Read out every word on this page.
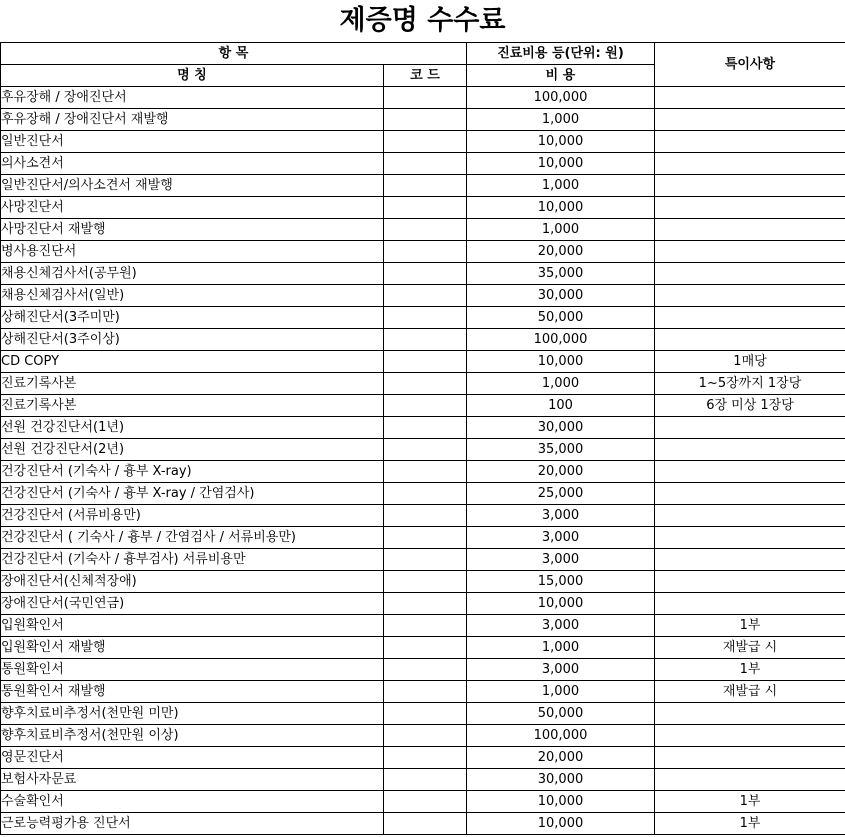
제증명 수수료
항 목		진료비용 등(단위: 원)	특이사항
명 칭	코 드	비 용	
후유장해 / 장애진단서		100,000	
후유장해 / 장애진단서 재발행		1,000	
일반진단서		10,000	
의사소견서		10,000	
일반진단서/의사소견서 재발행		1,000	
사망진단서		10,000	
사망진단서 재발행		1,000	
병사용진단서		20,000	
채용신체검사서(공무원)		35,000	
채용신체검사서(일반)		30,000	
상해진단서(3주미만)		50,000	
상해진단서(3주이상)		100,000	
CD COPY		10,000	1매당
진료기록사본		1,000	1~5장까지 1장당
진료기록사본		100	6장 미상 1장당
선원 건강진단서(1년)		30,000	
선원 건강진단서(2년)		35,000	
건강진단서 (기숙사 / 흉부 X-ray)		20,000	
건강진단서 (기숙사 / 흉부 X-ray / 간염검사)		25,000	
건강진단서 (서류비용만)		3,000	
건강진단서 ( 기숙사 / 흉부 / 간염검사 / 서류비용만)		3,000	
건강진단서 (기숙사 / 흉부검사) 서류비용만		3,000	
장애진단서(신체적장애)		15,000	
장애진단서(국민연금)		10,000	
입원확인서		3,000	1부
입원확인서 재발행		1,000	재발급 시
통원확인서		3,000	1부
통원확인서 재발행		1,000	재발급 시
향후치료비추정서(천만원 미만)		50,000	
향후치료비추정서(천만원 이상)		100,000	
영문진단서		20,000	
보험사자문료		30,000	
수술확인서		10,000	1부
근로능력평가용 진단서		10,000	1부
